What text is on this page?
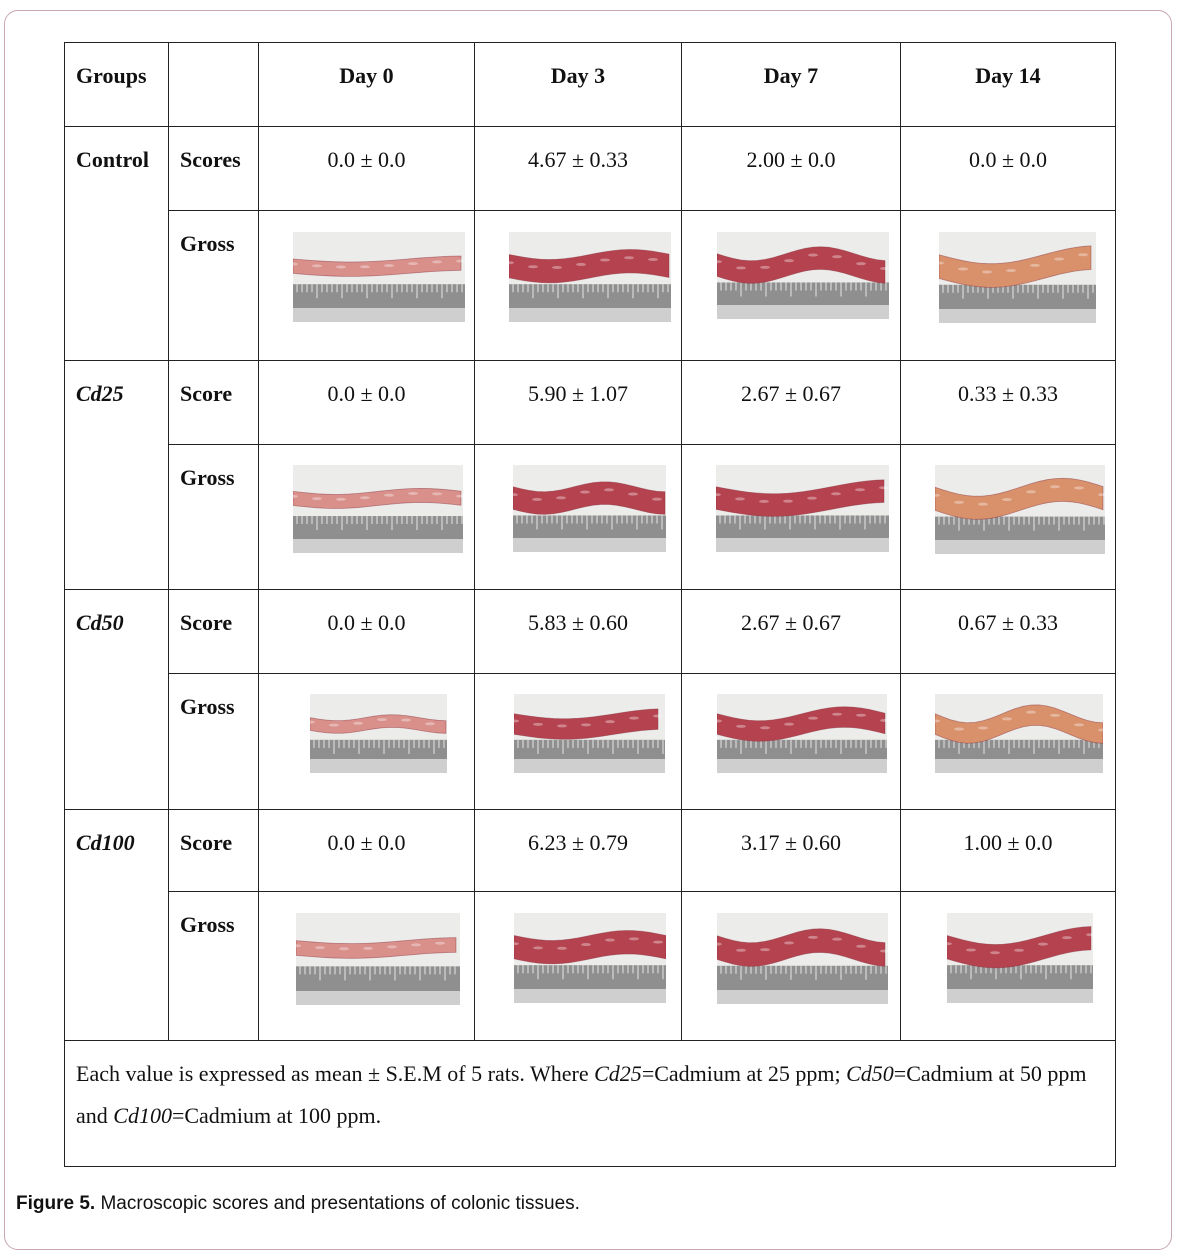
Groups		Day 0	Day 3	Day 7	Day 14
Control	Scores	0.0 ± 0.0	4.67 ± 0.33	2.00 ± 0.0	0.0 ± 0.0
	Gross	

Cd25	Score	0.0 ± 0.0	5.90 ± 1.07	2.67 ± 0.67	0.33 ± 0.33
	Gross	

Cd50	Score	0.0 ± 0.0	5.83 ± 0.60	2.67 ± 0.67	0.67 ± 0.33
	Gross	

Cd100	Score	0.0 ± 0.0	6.23 ± 0.79	3.17 ± 0.60	1.00 ± 0.0
	Gross	

Each value is expressed as mean ± S.E.M of 5 rats. Where Cd25=Cadmium at 25 ppm; Cd50=Cadmium at 50 ppm and Cd100=Cadmium at 100 ppm.					
Figure 5. Macroscopic scores and presentations of colonic tissues.
